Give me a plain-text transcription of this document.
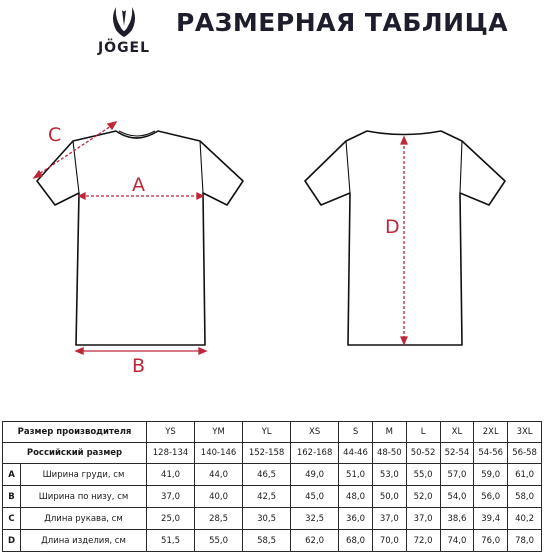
JÖGEL
РАЗМЕРНАЯ ТАБЛИЦА
A
B
C
D
Размер производителя		YS	YM	YL	XS	S	M	L	XL	2XL	3XL
Российский размер		128-134	140-146	152-158	162-168	44-46	48-50	50-52	52-54	54-56	56-58
A	Ширина груди, см	41,0	44,0	46,5	49,0	51,0	53,0	55,0	57,0	59,0	61,0
B	Ширина по низу, см	37,0	40,0	42,5	45,0	48,0	50,0	52,0	54,0	56,0	58,0
C	Длина рукава, см	25,0	28,5	30,5	32,5	36,0	37,0	37,0	38,6	39,4	40,2
D	Длина изделия, см	51,5	55,0	58,5	62,0	68,0	70,0	72,0	74,0	76,0	78,0
